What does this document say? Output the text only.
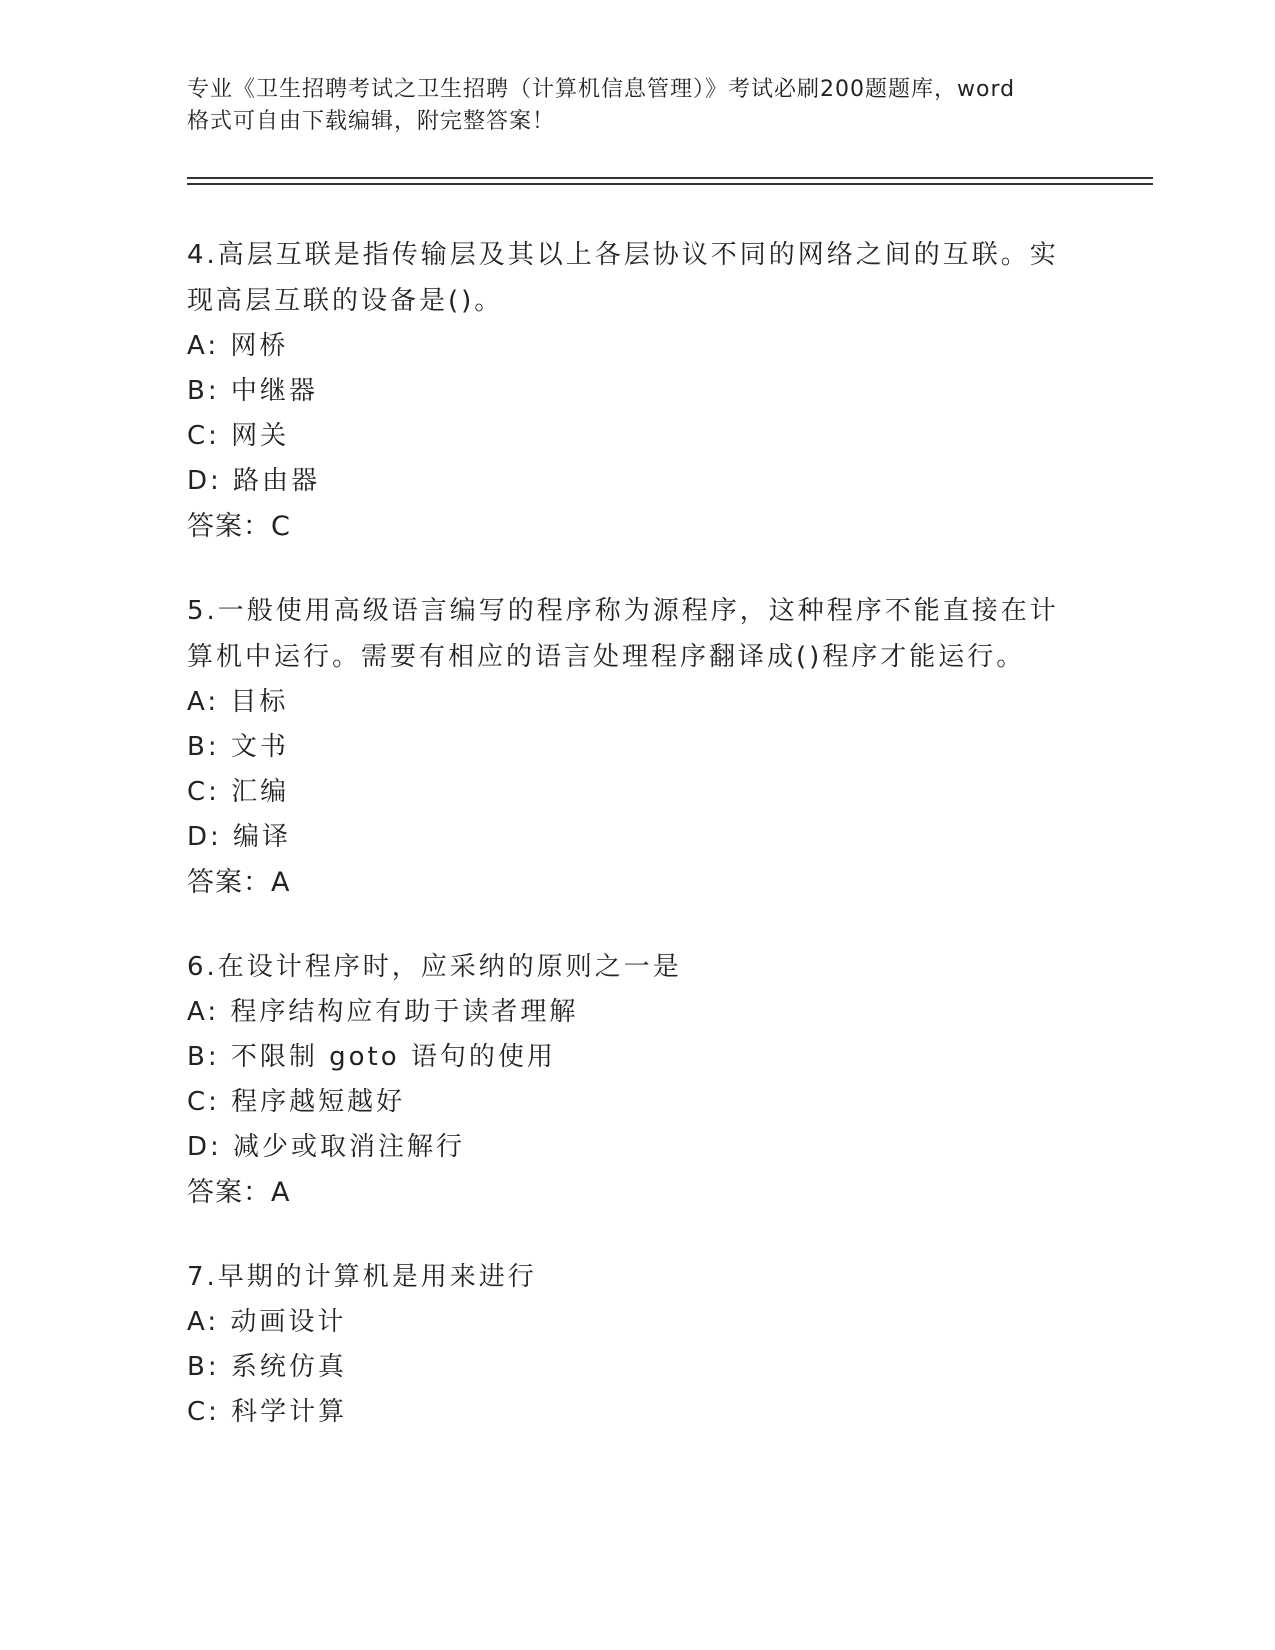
专业《卫生招聘考试之卫生招聘（计算机信息管理）》考试必刷200题题库，word
格式可自由下载编辑，附完整答案！

4.高层互联是指传输层及其以上各层协议不同的网络之间的互联。实

现高层互联的设备是()。

A: 网桥

B: 中继器

C: 网关

D: 路由器

答案：C

5.一般使用高级语言编写的程序称为源程序，这种程序不能直接在计

算机中运行。需要有相应的语言处理程序翻译成()程序才能运行。

A: 目标

B: 文书

C: 汇编

D: 编译

答案：A

6.在设计程序时，应采纳的原则之一是

A: 程序结构应有助于读者理解

B: 不限制 goto 语句的使用

C: 程序越短越好

D: 减少或取消注解行

答案：A

7.早期的计算机是用来进行

A: 动画设计

B: 系统仿真

C: 科学计算
